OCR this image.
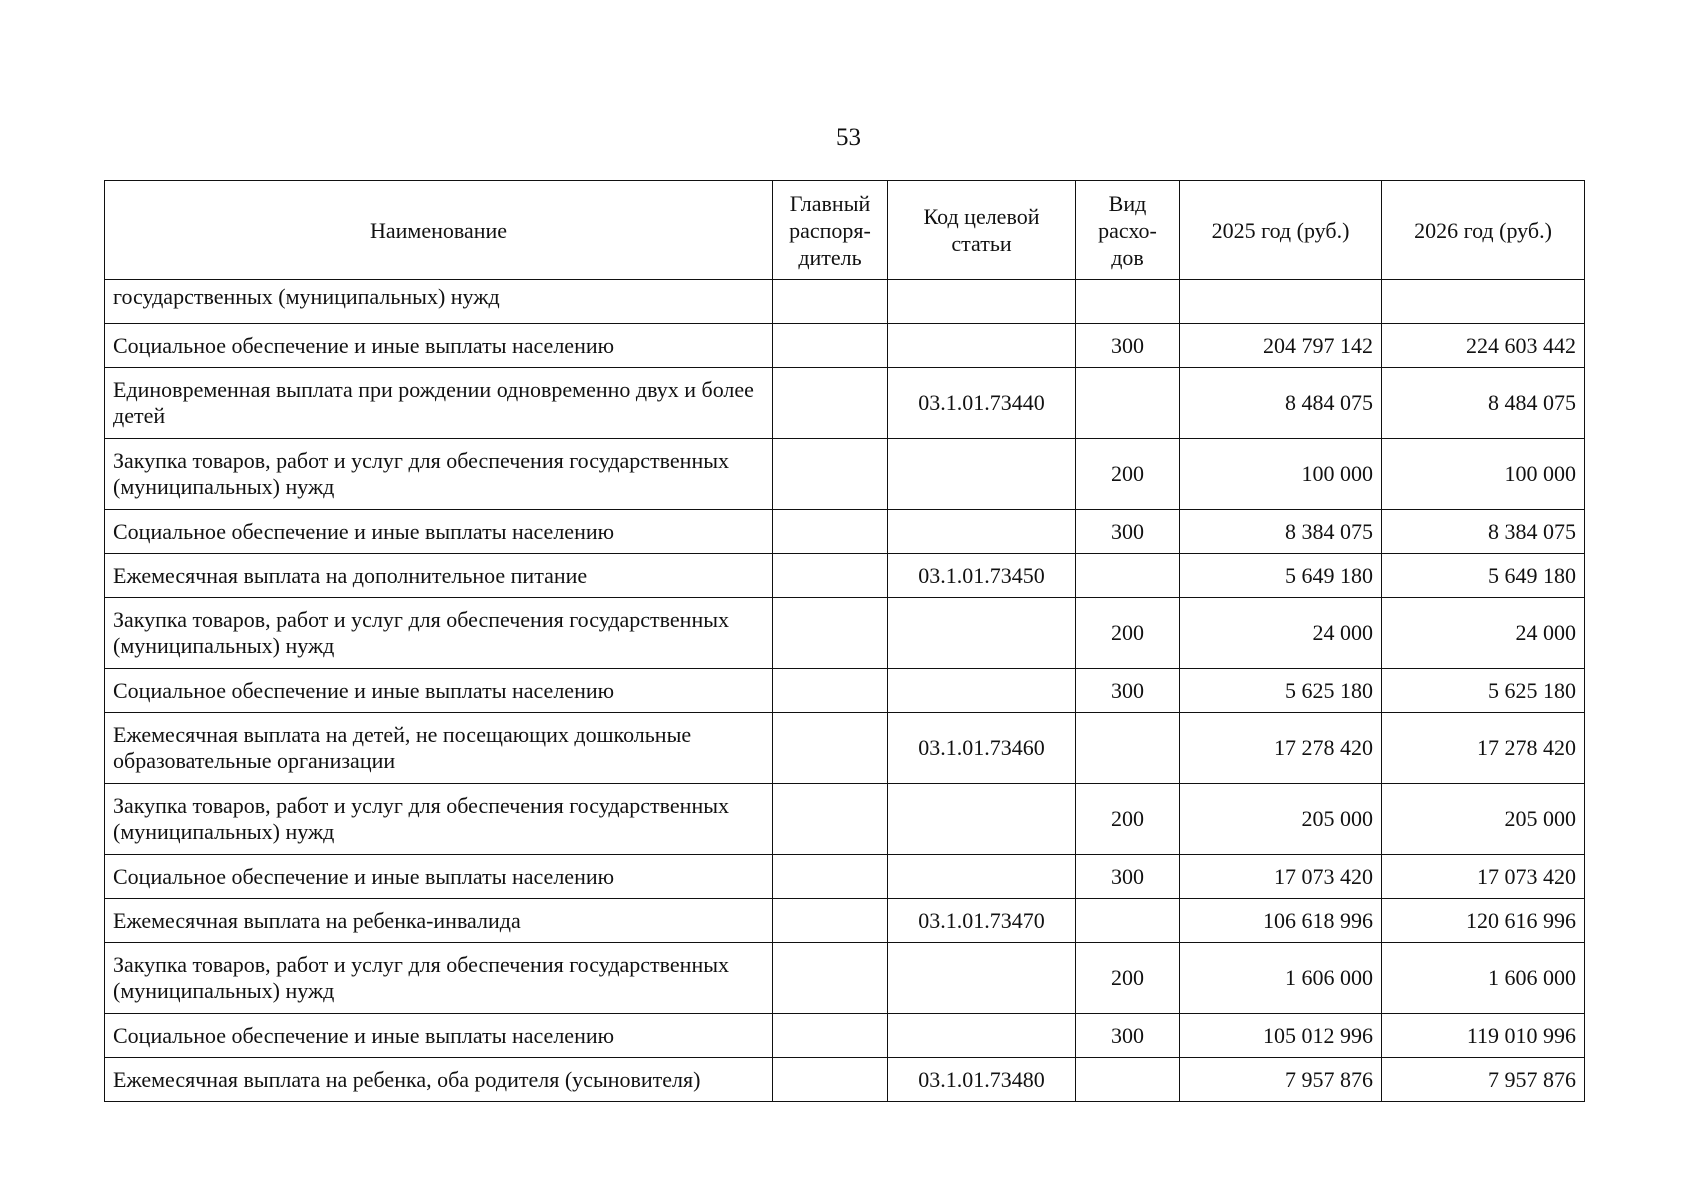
53
Наименование	Главный распоря-дитель	Код целевой статьи	Вид расхо-дов	2025 год (руб.)	2026 год (руб.)
государственных (муниципальных) нужд					
Социальное обеспечение и иные выплаты населению			300	204 797 142	224 603 442
Единовременная выплата при рождении одновременно двух и более детей		03.1.01.73440		8 484 075	8 484 075
Закупка товаров, работ и услуг для обеспечения государственных (муниципальных) нужд			200	100 000	100 000
Социальное обеспечение и иные выплаты населению			300	8 384 075	8 384 075
Ежемесячная выплата на дополнительное питание		03.1.01.73450		5 649 180	5 649 180
Закупка товаров, работ и услуг для обеспечения государственных (муниципальных) нужд			200	24 000	24 000
Социальное обеспечение и иные выплаты населению			300	5 625 180	5 625 180
Ежемесячная выплата на детей, не посещающих дошкольные образовательные организации		03.1.01.73460		17 278 420	17 278 420
Закупка товаров, работ и услуг для обеспечения государственных (муниципальных) нужд			200	205 000	205 000
Социальное обеспечение и иные выплаты населению			300	17 073 420	17 073 420
Ежемесячная выплата на ребенка-инвалида		03.1.01.73470		106 618 996	120 616 996
Закупка товаров, работ и услуг для обеспечения государственных (муниципальных) нужд			200	1 606 000	1 606 000
Социальное обеспечение и иные выплаты населению			300	105 012 996	119 010 996
Ежемесячная выплата на ребенка, оба родителя (усыновителя)		03.1.01.73480		7 957 876	7 957 876
